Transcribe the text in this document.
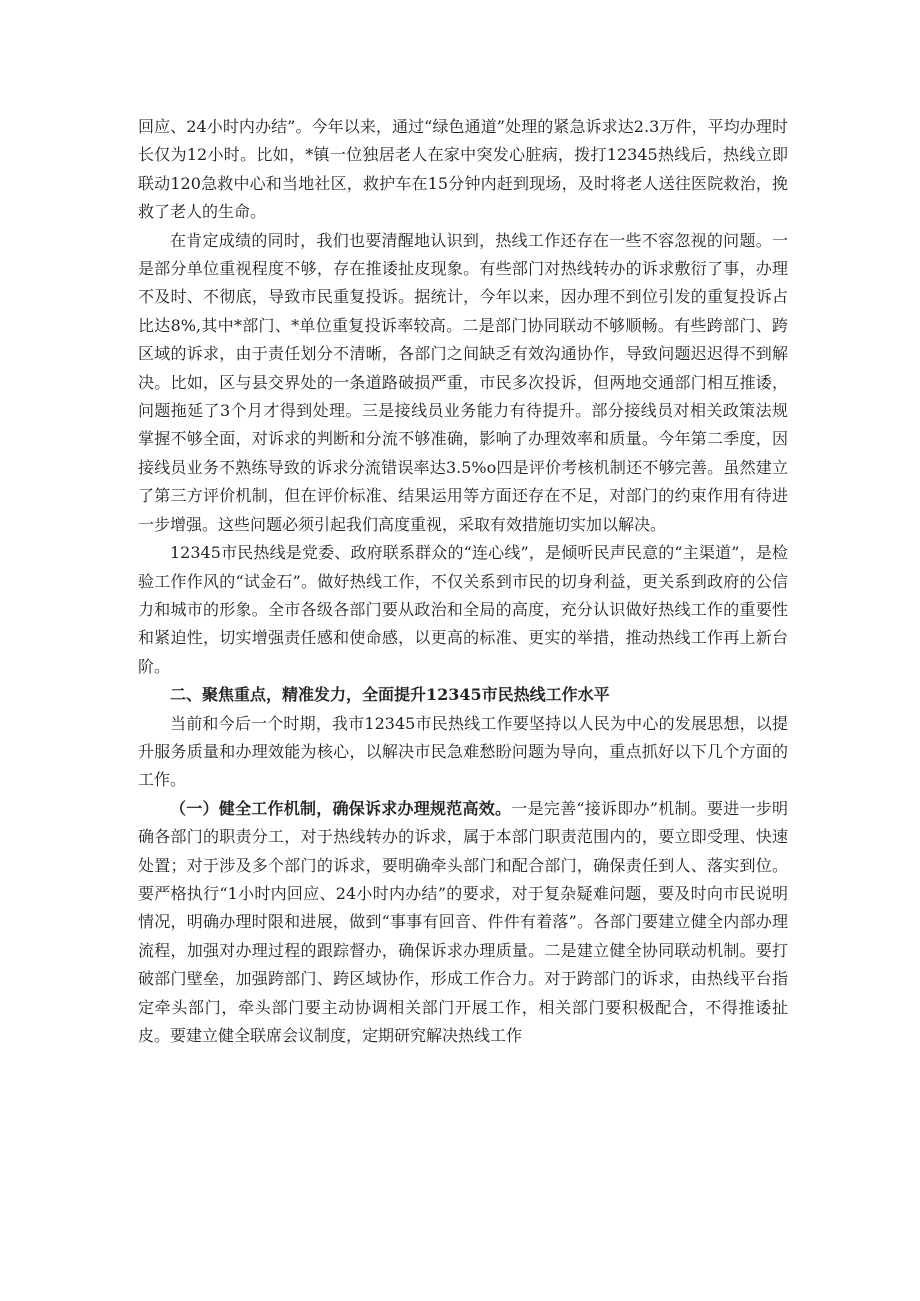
回应、24小时内办结”。今年以来，通过“绿色通道”处理的紧急诉求达2.3万件，平均办理时长仅为12小时。比如，*镇一位独居老人在家中突发心脏病，拨打12345热线后，热线立即联动120急救中心和当地社区，救护车在15分钟内赶到现场，及时将老人送往医院救治，挽救了老人的生命。

在肯定成绩的同时，我们也要清醒地认识到，热线工作还存在一些不容忽视的问题。一是部分单位重视程度不够，存在推诿扯皮现象。有些部门对热线转办的诉求敷衍了事，办理不及时、不彻底，导致市民重复投诉。据统计，今年以来，因办理不到位引发的重复投诉占比达8%,其中*部门、*单位重复投诉率较高。二是部门协同联动不够顺畅。有些跨部门、跨区域的诉求，由于责任划分不清晰，各部门之间缺乏有效沟通协作，导致问题迟迟得不到解决。比如，区与县交界处的一条道路破损严重，市民多次投诉，但两地交通部门相互推诿，问题拖延了3个月才得到处理。三是接线员业务能力有待提升。部分接线员对相关政策法规掌握不够全面，对诉求的判断和分流不够准确，影响了办理效率和质量。今年第二季度，因接线员业务不熟练导致的诉求分流错误率达3.5%o四是评价考核机制还不够完善。虽然建立了第三方评价机制，但在评价标准、结果运用等方面还存在不足，对部门的约束作用有待进一步增强。这些问题必须引起我们高度重视，采取有效措施切实加以解决。

12345市民热线是党委、政府联系群众的“连心线”，是倾听民声民意的“主渠道”，是检验工作作风的“试金石”。做好热线工作，不仅关系到市民的切身利益，更关系到政府的公信力和城市的形象。全市各级各部门要从政治和全局的高度，充分认识做好热线工作的重要性和紧迫性，切实增强责任感和使命感，以更高的标准、更实的举措，推动热线工作再上新台阶。

二、聚焦重点，精准发力，全面提升12345市民热线工作水平

当前和今后一个时期，我市12345市民热线工作要坚持以人民为中心的发展思想，以提升服务质量和办理效能为核心，以解决市民急难愁盼问题为导向，重点抓好以下几个方面的工作。

（一）健全工作机制，确保诉求办理规范高效。一是完善“接诉即办”机制。要进一步明确各部门的职责分工，对于热线转办的诉求，属于本部门职责范围内的，要立即受理、快速处置；对于涉及多个部门的诉求，要明确牵头部门和配合部门，确保责任到人、落实到位。要严格执行“1小时内回应、24小时内办结”的要求，对于复杂疑难问题，要及时向市民说明情况，明确办理时限和进展，做到“事事有回音、件件有着落”。各部门要建立健全内部办理流程，加强对办理过程的跟踪督办，确保诉求办理质量。二是建立健全协同联动机制。要打破部门壁垒，加强跨部门、跨区域协作，形成工作合力。对于跨部门的诉求，由热线平台指定牵头部门，牵头部门要主动协调相关部门开展工作，相关部门要积极配合，不得推诿扯皮。要建立健全联席会议制度，定期研究解决热线工作
